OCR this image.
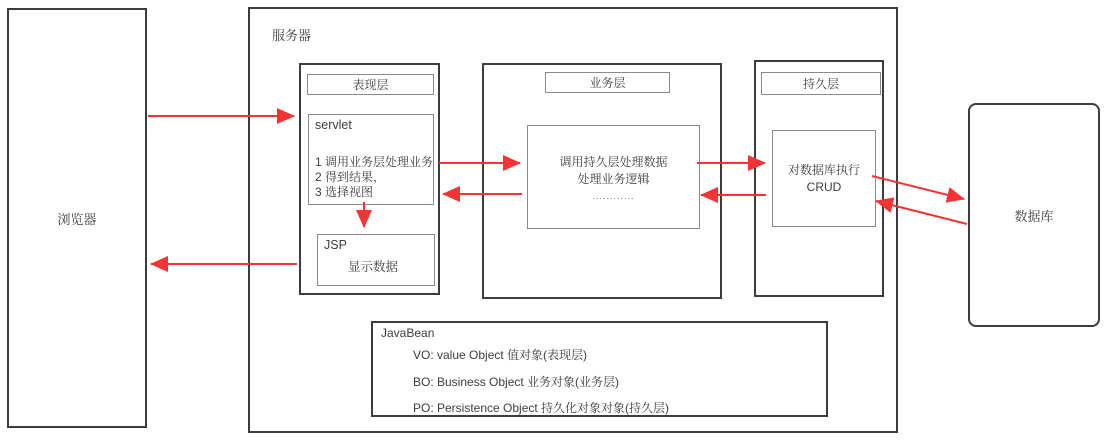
浏览器
服务器
表现层
servlet
1 调用业务层处理业务
2 得到结果，
3 选择视图
JSP
显示数据
业务层
调用持久层处理数据
处理业务逻辑
............
持久层
对数据库执行
CRUD
JavaBean
VO: value Object 值对象(表现层)
BO: Business Object 业务对象(业务层)
PO: Persistence Object 持久化对象对象(持久层)
数据库
